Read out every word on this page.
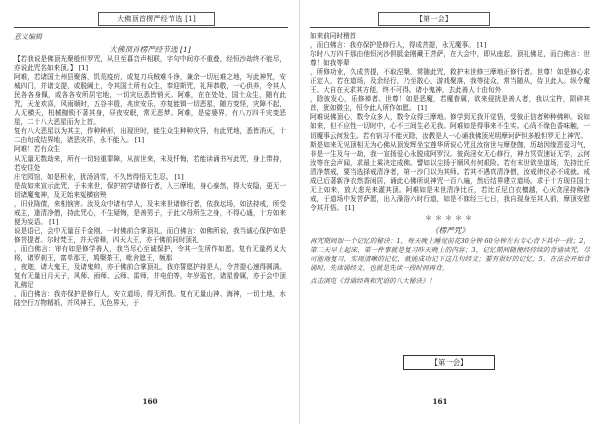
大佛顶首楞严经节选 [1]

意义编辑

大佛顶首楞严经节选 [1]

【若我说是佛顶光聚般怛罗咒，从旦至暮音声相联，字句中间亦不重叠，经恒沙劫终不能尽，亦说此咒名如来顶。】 [1]

阿难，若诸国土州县聚落，饥荒疫疠，或复刀兵贼难斗诤，兼余一切厄难之地，写此神咒，安城四门，并诸支提，或脱阇上，令其国土所有众生，奉迎斯咒，礼拜恭敬，一心供养，令其人民各各身佩，或各各安所居宅地，一切灾厄悉皆销灭。阿难，在在处处，国土众生，随有此咒，天龙欢喜，风雨顺时，五谷丰殷，兆庶安乐，亦复能镇一切恶星，随方变怪，灾障不起，人无横夭，杻械枷锁不著其身，昼夜安眠，常无恶梦。阿难，是娑婆界，有八万四千灾变恶星，二十八大恶星而为上首。

复有八大恶星以为其主，作种种形，出现世时，能生众生种种灾异，有此咒地，悉皆消灭，十二由旬成结界地，诸恶灾祥，永不能入。 [1]

阿难！若有众生

从无量无数劫来，所有一切轻重罪障，从前世来，未及忏悔，若能读诵书写此咒，身上带持，若安住处

庄宅园馆，如是积业，犹汤消雪，不久皆得悟无生忍。 [1]

是故如来宣示此咒，于未来世，保护初学诸修行者，入三摩地，身心泰然，得大安隐，更无一切诸魔鬼神，及无始来冤横宿殃

，旧业陈债，来相恼害。汝及众中诸有学人，及未来世诸修行者，依我坛场，如法持戒，所受戒主，逢清净僧，持此咒心，不生疑悔，是善男子，于此父母所生之身，不得心通，十方如来便为妄语。 [1]

说是语已，会中无量百千金刚，一时佛前合掌顶礼，而白佛言：如佛所说，我当诚心保护如是修菩提者。尔时梵王，并天帝释，四天大王，亦于佛前同时顶礼

，而白佛言：审有如是修学善人，我当尽心至诚保护，令其一生所作如愿。复有无量药叉大将，诸罗刹王，富单那王，鸠槃茶王，毗舍遮王，频那

，夜迦，诸大鬼王，及诸鬼帅，亦于佛前合掌顶礼，我亦誓愿护持是人，令菩提心速得圆满。复有无量日月天子，风师、雨师、云师、雷师，并电伯等，年岁巡官，诸星眷属，亦于会中顶礼佛足

，而白佛言：我亦保护是修行人，安立道场，得无所畏。复有无量山神、海神，一切土地，水陆空行万物精祇，并风神王，无色界天，于

160
【第一会】

如来前同时稽首

，而白佛言：我亦保护是修行人，得成菩提，永无魔事。 [1]

尔时八万四千那由他恒河沙俱胝金刚藏王菩萨，在大会中，即从座起，顶礼佛足，而白佛言：世尊！如我等辈

，所修功业，久成菩提，不取涅槃，常随此咒，救护末世修三摩地正修行者。世尊！如是修心求正定人，若在道场，及余经行，乃至散心，游戏聚落，我等徒众，常当随从，侍卫此人。纵令魔王、大自在天求其方便，终不可得。诸小鬼神，去此善人十由旬外

，除彼发心，乐修禅者。世尊！如是恶魔，若魔眷属，欲来侵扰是善人者，我以宝杵，陨碎其首，犹如微尘，恒令此人所作如愿。 [1]

阿难说佛顶心，数令众多人，数令众得三摩地。修学到无我开觉悟，受彼正信者种种佛种。说如如来，但不应性一切时中，心不三间生必无我。阿难如是得事来不生实。心尚不缘色香味触，一切魔事云何发生。若有宿习不能灭除，汝教是人一心诵我佛顶光明摩诃萨怛多般怛罗无上神咒。

斯是如来无见顶相无为心佛从顶发辉坐宝莲华所说心咒且汝宿世与摩登伽，历劫因缘恩爱习气，非是一生及与一劫，我一宣扬爱心永脱成阿罗汉。彼尚淫女无心修行，神力冥资速证无学，云何汝等在会声闻，求最上乘决定成佛。譬如以尘扬于顺风有何艰险。若有末世欲坐道场，先持比丘清净禁戒，要当选择戒清净者，第一沙门以为其师。若其不遇真清净僧，汝戒律仪必不成就。戒成已后著新净衣然香闲居，诵此心佛所说神咒一百八遍，然后结界建立道场。求于十方现住国土无上如来，放大悲光来灌其顶。阿难如是末世清净比丘，若比丘尼白衣檀越，心灭贪淫持佛净戒，于道场中发菩萨愿，出入澡浴六时行道，如是不寐经三七日，我自现身至其人前，摩顶安慰令其开悟。 [1]

＊＊＊＊＊

《楞严咒》

再咒期间加一个记忆的秘诀：1，每天晚上睡觉前花30分钟 60分钟左右专心背下其中一段；2，第二天早上起床，第一件事就是复习昨天晚上的内容；3，记忆期间随便经持续的背诵读咒，尽可能地复习，实现清晰的记忆，就能成功记下这几句经文；要有很好的记忆；5，在法会开始背诵时，先读诵经文，也就是先读一段时间再背。

点击浏览《背诵经典和咒语的八大秘诀》！

【第一会】
161
